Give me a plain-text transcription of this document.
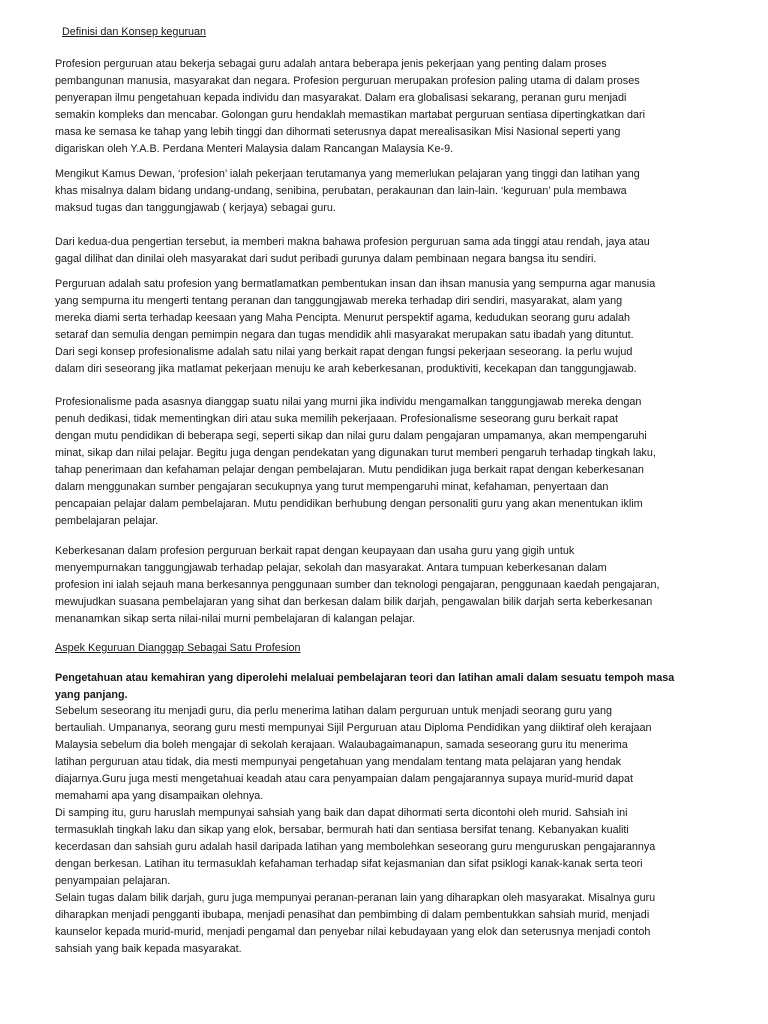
Definisi dan Konsep keguruan
Profesion perguruan atau bekerja sebagai guru adalah antara beberapa jenis pekerjaan yang penting dalam proses
pembangunan manusia, masyarakat dan negara. Profesion perguruan merupakan profesion paling utama di dalam proses
penyerapan ilmu pengetahuan kepada individu dan masyarakat. Dalam era globalisasi sekarang, peranan guru menjadi
semakin kompleks dan mencabar. Golongan guru hendaklah memastikan martabat perguruan sentiasa dipertingkatkan dari
masa ke semasa ke tahap yang lebih tinggi dan dihormati seterusnya dapat merealisasikan Misi Nasional seperti yang
digariskan oleh Y.A.B. Perdana Menteri Malaysia dalam Rancangan Malaysia Ke-9.
Mengikut Kamus Dewan, ‘profesion’ ialah pekerjaan terutamanya yang memerlukan pelajaran yang tinggi dan latihan yang
khas misalnya dalam bidang undang-undang, senibina, perubatan, perakaunan dan lain-lain. ‘keguruan’ pula membawa
maksud tugas dan tanggungjawab ( kerjaya) sebagai guru.
Dari kedua-dua pengertian tersebut, ia memberi makna bahawa profesion perguruan sama ada tinggi atau rendah, jaya atau
gagal dilihat dan dinilai oleh masyarakat dari sudut peribadi gurunya dalam pembinaan negara bangsa itu sendiri.
Perguruan adalah satu profesion yang bermatlamatkan pembentukan insan dan ihsan manusia yang sempurna agar manusia
yang sempurna itu mengerti tentang peranan dan tanggungjawab mereka terhadap diri sendiri, masyarakat, alam yang
mereka diami serta terhadap keesaan yang Maha Pencipta. Menurut perspektif agama, kedudukan seorang guru adalah
setaraf dan semulia dengan pemimpin negara dan tugas mendidik ahli masyarakat merupakan satu ibadah yang dituntut.
Dari segi konsep profesionalisme adalah satu nilai yang berkait rapat dengan fungsi pekerjaan seseorang. Ia perlu wujud
dalam diri seseorang jika matlamat pekerjaan menuju ke arah keberkesanan, produktiviti, kecekapan dan tanggungjawab.
Profesionalisme pada asasnya dianggap suatu nilai yang murni jika individu mengamalkan tanggungjawab mereka dengan
penuh dedikasi, tidak mementingkan diri atau suka memilih pekerjaaan. Profesionalisme seseorang guru berkait rapat
dengan mutu pendidikan di beberapa segi, seperti sikap dan nilai guru dalam pengajaran umpamanya, akan mempengaruhi
minat, sikap dan nilai pelajar. Begitu juga dengan pendekatan yang digunakan turut memberi pengaruh terhadap tingkah laku,
tahap penerimaan dan kefahaman pelajar dengan pembelajaran. Mutu pendidikan juga berkait rapat dengan keberkesanan
dalam menggunakan sumber pengajaran secukupnya yang turut mempengaruhi minat, kefahaman, penyertaan dan
pencapaian pelajar dalam pembelajaran. Mutu pendidikan berhubung dengan personaliti guru yang akan menentukan iklim
pembelajaran pelajar.
Keberkesanan dalam profesion perguruan berkait rapat dengan keupayaan dan usaha guru yang gigih untuk
menyempurnakan tanggungjawab terhadap pelajar, sekolah dan masyarakat. Antara tumpuan keberkesanan dalam
profesion ini ialah sejauh mana berkesannya penggunaan sumber dan teknologi pengajaran, penggunaan kaedah pengajaran,
mewujudkan suasana pembelajaran yang sihat dan berkesan dalam bilik darjah, pengawalan bilik darjah serta keberkesanan
menanamkan sikap serta nilai-nilai murni pembelajaran di kalangan pelajar.
Aspek Keguruan Dianggap Sebagai Satu Profesion
Pengetahuan atau kemahiran yang diperolehi melaluai pembelajaran teori dan latihan amali dalam sesuatu tempoh masa
yang panjang.
Sebelum seseorang itu menjadi guru, dia perlu menerima latihan dalam perguruan untuk menjadi seorang guru yang
bertauliah. Umpananya, seorang guru mesti mempunyai Sijil Perguruan atau Diploma Pendidikan yang diiktiraf oleh kerajaan
Malaysia sebelum dia boleh mengajar di sekolah kerajaan. Walaubagaimanapun, samada seseorang guru itu menerima
latihan perguruan atau tidak, dia mesti mempunyai pengetahuan yang mendalam tentang mata pelajaran yang hendak
diajarnya.Guru juga mesti mengetahuai keadah atau cara penyampaian dalam pengajarannya supaya murid-murid dapat
memahami apa yang disampaikan olehnya.
Di samping itu, guru haruslah mempunyai sahsiah yang baik dan dapat dihormati serta dicontohi oleh murid. Sahsiah ini
termasuklah tingkah laku dan sikap yang elok, bersabar, bermurah hati dan sentiasa bersifat tenang. Kebanyakan kualiti
kecerdasan dan sahsiah guru adalah hasil daripada latihan yang membolehkan seseorang guru menguruskan pengajarannya
dengan berkesan. Latihan itu termasuklah kefahaman terhadap sifat kejasmanian dan sifat psiklogi kanak-kanak serta teori
penyampaian pelajaran.
Selain tugas dalam bilik darjah, guru juga mempunyai peranan-peranan lain yang diharapkan oleh masyarakat. Misalnya guru
diharapkan menjadi pengganti ibubapa, menjadi penasihat dan pembimbing di dalam pembentukkan sahsiah murid, menjadi
kaunselor kepada murid-murid, menjadi pengamal dan penyebar nilai kebudayaan yang elok dan seterusnya menjadi contoh
sahsiah yang baik kepada masyarakat.
